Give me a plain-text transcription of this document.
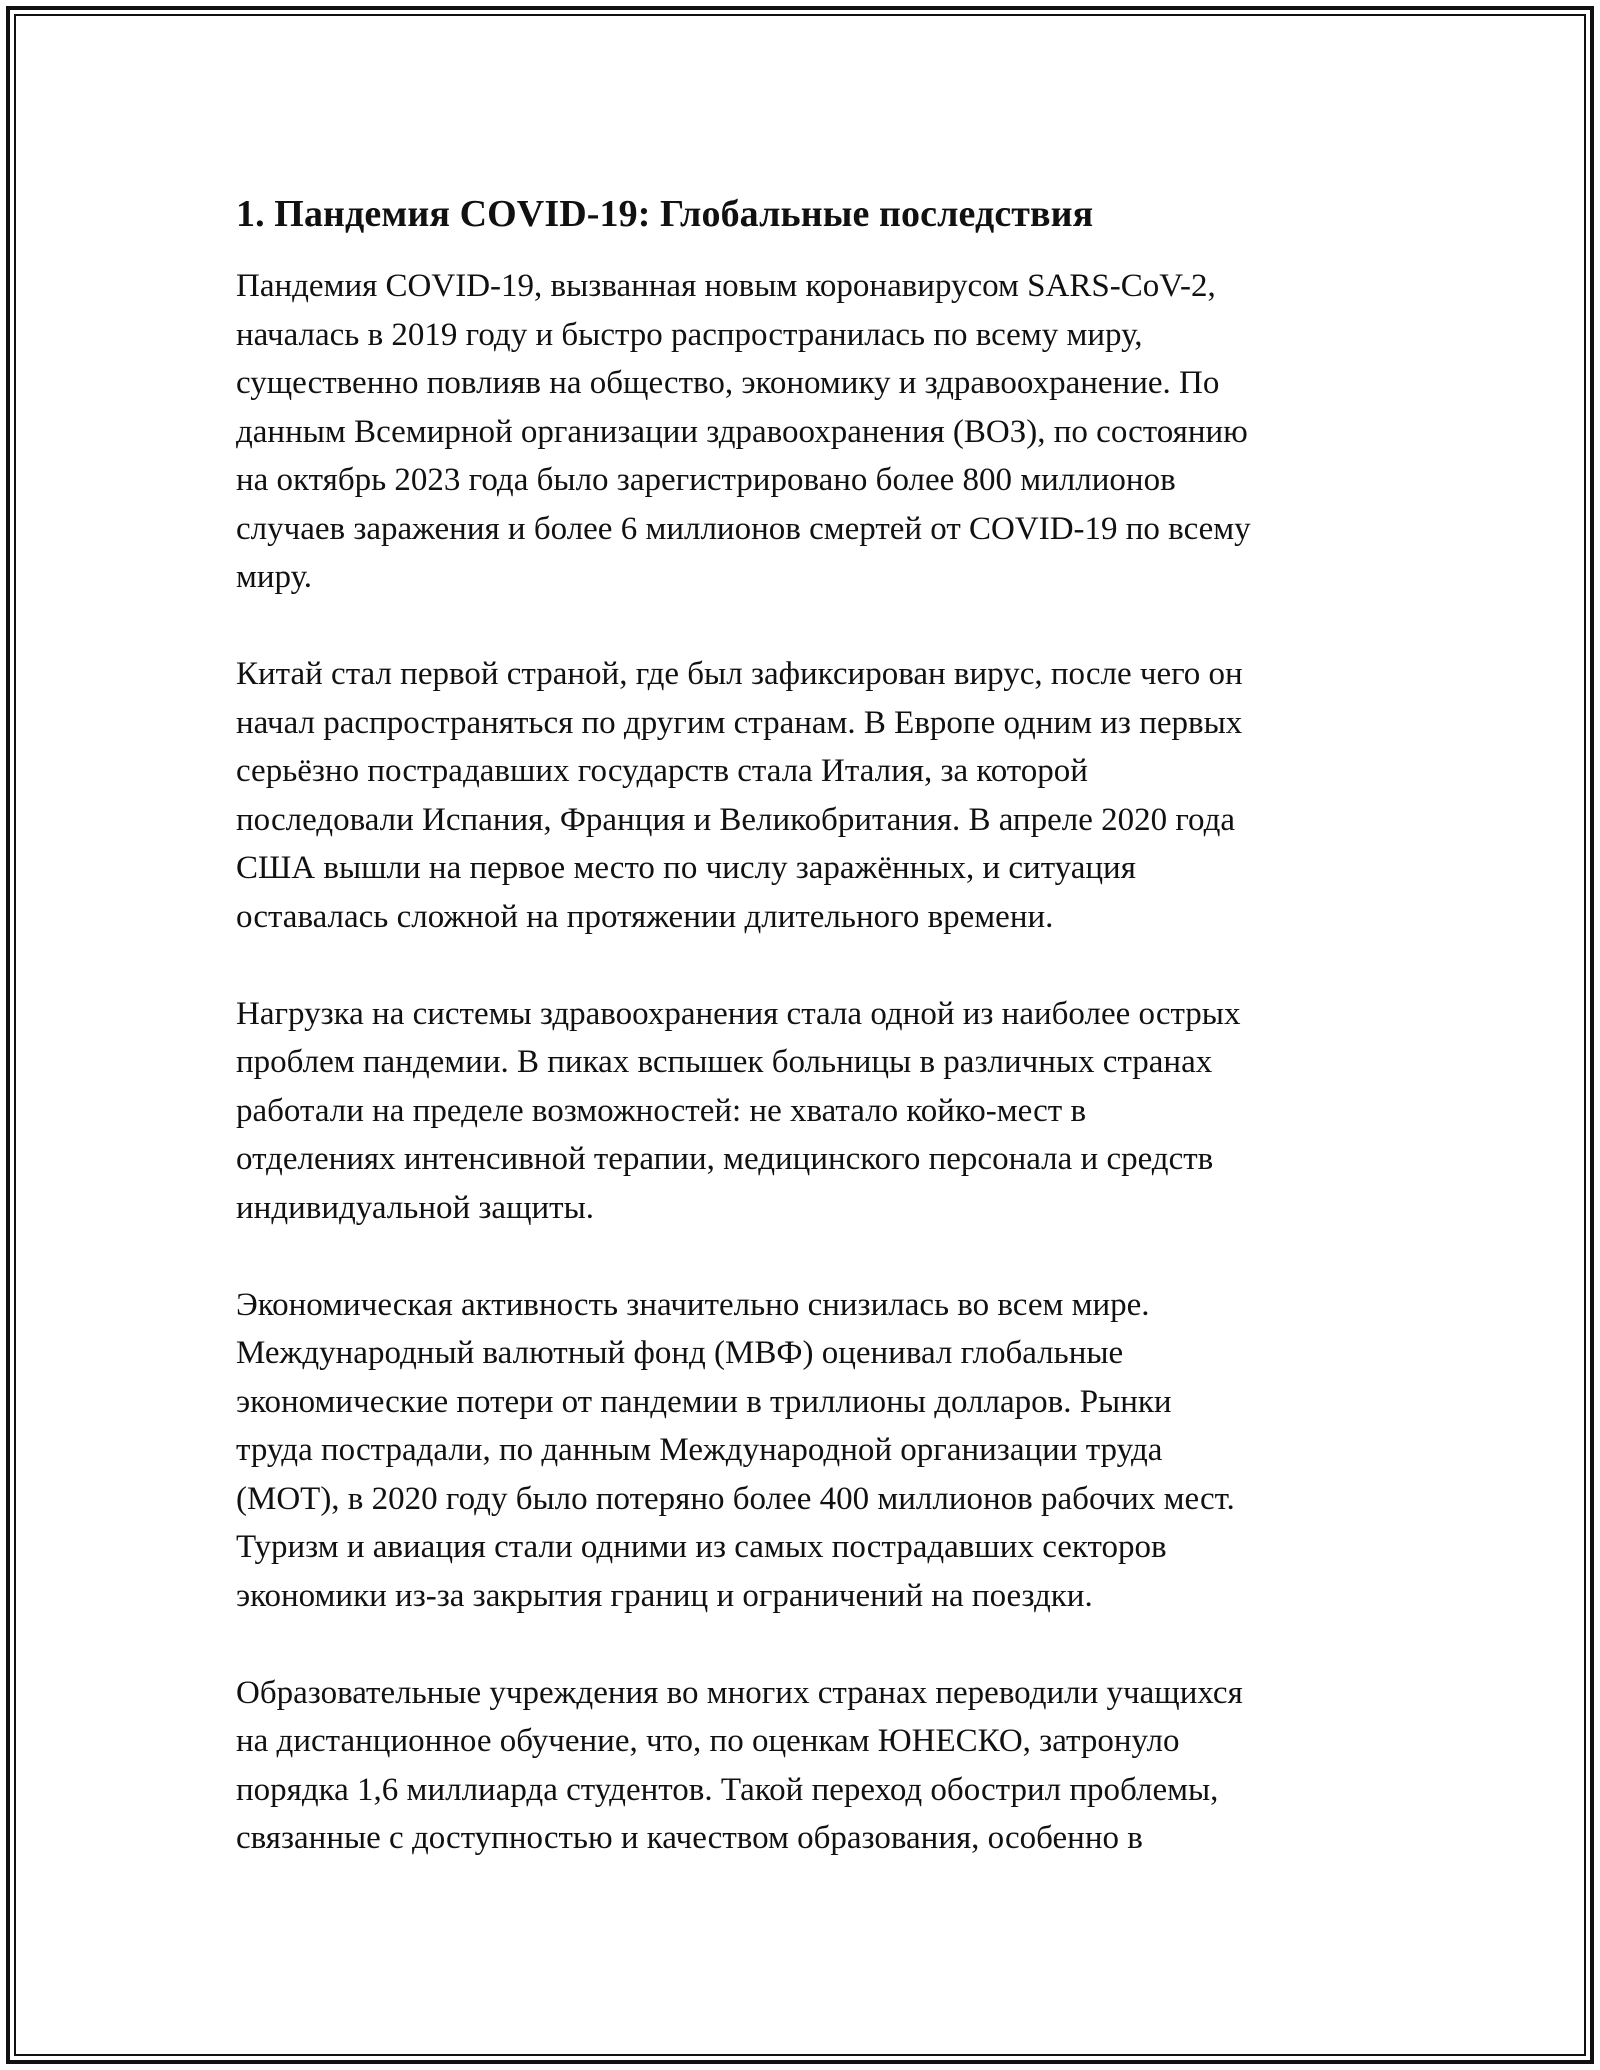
1. Пандемия COVID-19: Глобальные последствия

Пандемия COVID-19, вызванная новым коронавирусом SARS-CoV-2,
началась в 2019 году и быстро распространилась по всему миру,
существенно повлияв на общество, экономику и здравоохранение. По
данным Всемирной организации здравоохранения (ВОЗ), по состоянию
на октябрь 2023 года было зарегистрировано более 800 миллионов
случаев заражения и более 6 миллионов смертей от COVID-19 по всему
миру.

Китай стал первой страной, где был зафиксирован вирус, после чего он
начал распространяться по другим странам. В Европе одним из первых
серьёзно пострадавших государств стала Италия, за которой
последовали Испания, Франция и Великобритания. В апреле 2020 года
США вышли на первое место по числу заражённых, и ситуация
оставалась сложной на протяжении длительного времени.

Нагрузка на системы здравоохранения стала одной из наиболее острых
проблем пандемии. В пиках вспышек больницы в различных странах
работали на пределе возможностей: не хватало койко-мест в
отделениях интенсивной терапии, медицинского персонала и средств
индивидуальной защиты.

Экономическая активность значительно снизилась во всем мире.
Международный валютный фонд (МВФ) оценивал глобальные
экономические потери от пандемии в триллионы долларов. Рынки
труда пострадали, по данным Международной организации труда
(МОТ), в 2020 году было потеряно более 400 миллионов рабочих мест.
Туризм и авиация стали одними из самых пострадавших секторов
экономики из-за закрытия границ и ограничений на поездки.

Образовательные учреждения во многих странах переводили учащихся
на дистанционное обучение, что, по оценкам ЮНЕСКО, затронуло
порядка 1,6 миллиарда студентов. Такой переход обострил проблемы,
связанные с доступностью и качеством образования, особенно в
